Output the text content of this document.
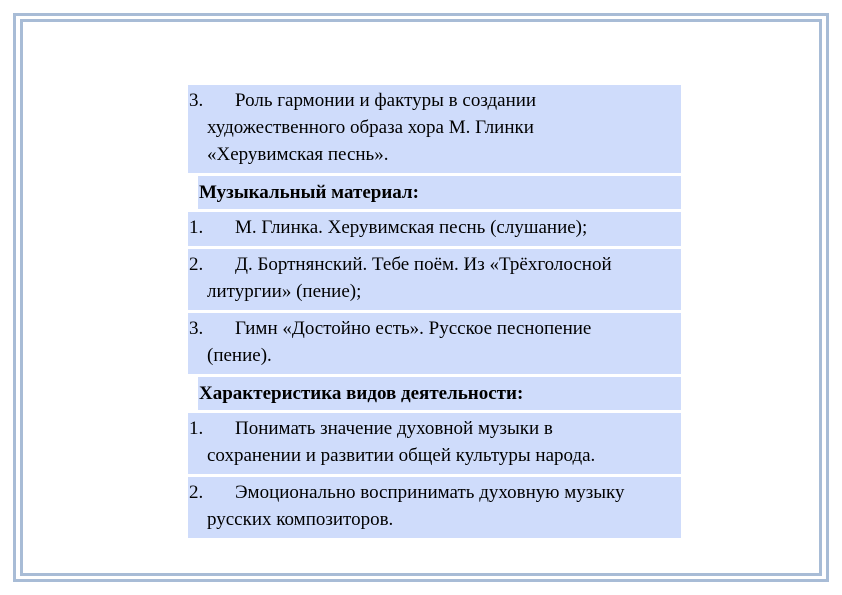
3. Роль гармонии и фактуры в создании
художественного образа хора М. Глинки
«Херувимская песнь».
Музыкальный материал:
1. М. Глинка. Херувимская песнь (слушание);
2. Д. Бортнянский. Тебе поём. Из «Трёхголосной
литургии» (пение);
3. Гимн «Достойно есть». Русское песнопение
(пение).
Характеристика видов деятельности:
1. Понимать значение духовной музыки в
сохранении и развитии общей культуры народа.
2. Эмоционально воспринимать духовную музыку
русских композиторов.
